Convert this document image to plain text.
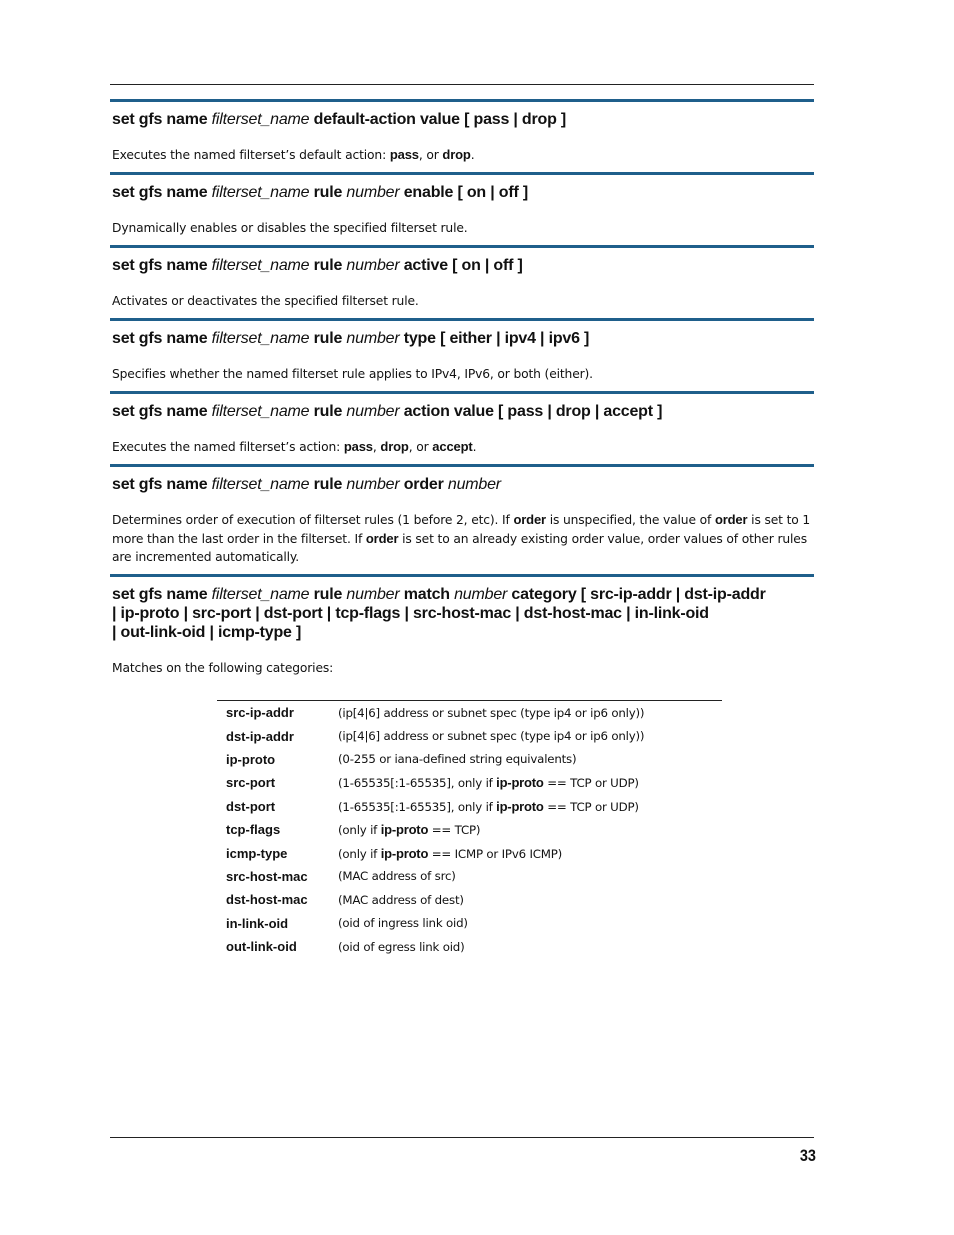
set gfs name filterset_name default-action value [ pass | drop ]

Executes the named filterset’s default action: pass, or drop.

set gfs name filterset_name rule number enable [ on | off ]

Dynamically enables or disables the specified filterset rule.

set gfs name filterset_name rule number active [ on | off ]

Activates or deactivates the specified filterset rule.

set gfs name filterset_name rule number type [ either | ipv4 | ipv6 ]

Specifies whether the named filterset rule applies to IPv4, IPv6, or both (either).

set gfs name filterset_name rule number action value [ pass | drop | accept ]

Executes the named filterset’s action: pass, drop, or accept.

set gfs name filterset_name rule number order number

Determines order of execution of filterset rules (1 before 2, etc). If order is unspecified, the value of order is set to 1 more than the last order in the filterset. If order is set to an already existing order value, order values of other rules are incremented automatically.

set gfs name filterset_name rule number match number category [ src-ip-addr | dst-ip-addr
| ip-proto | src-port | dst-port | tcp-flags | src-host-mac | dst-host-mac | in-link-oid
| out-link-oid | icmp-type ]

Matches on the following categories:

src-ip-addr	(ip[4|6] address or subnet spec (type ip4 or ip6 only))
dst-ip-addr	(ip[4|6] address or subnet spec (type ip4 or ip6 only))
ip-proto	(0-255 or iana-defined string equivalents)
src-port	(1-65535[:1-65535], only if ip-proto == TCP or UDP)
dst-port	(1-65535[:1-65535], only if ip-proto == TCP or UDP)
tcp-flags	(only if ip-proto == TCP)
icmp-type	(only if ip-proto == ICMP or IPv6 ICMP)
src-host-mac	(MAC address of src)
dst-host-mac	(MAC address of dest)
in-link-oid	(oid of ingress link oid)
out-link-oid	(oid of egress link oid)
33
